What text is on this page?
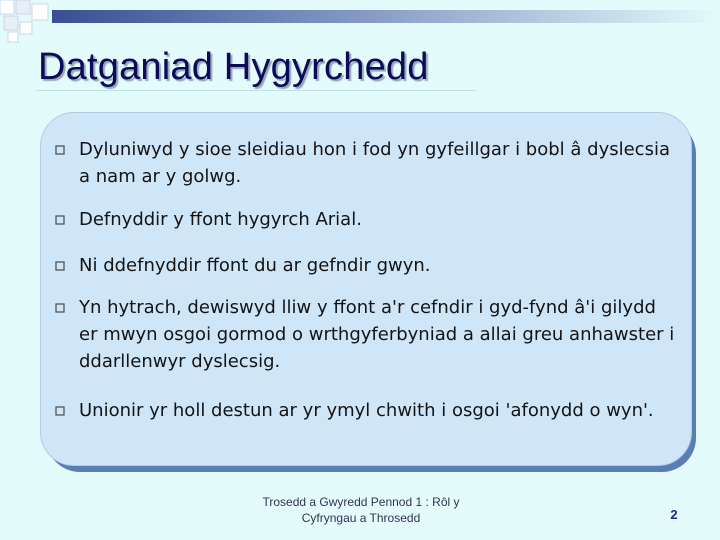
Datganiad Hygyrchedd
Dyluniwyd y sioe sleidiau hon i fod yn gyfeillgar i bobl â dyslecsia a nam ar y golwg.
Defnyddir y ffont hygyrch Arial.
Ni ddefnyddir ffont du ar gefndir gwyn.
Yn hytrach, dewiswyd lliw y ffont a'r cefndir i gyd-fynd â'i gilydd er mwyn osgoi gormod o wrthgyferbyniad a allai greu anhawster i ddarllenwyr dyslecsig.
Unionir yr holl destun ar yr ymyl chwith i osgoi 'afonydd o wyn'.
Trosedd a Gwyredd Pennod 1 : Rôl y Cyfryngau a Throsedd	2
